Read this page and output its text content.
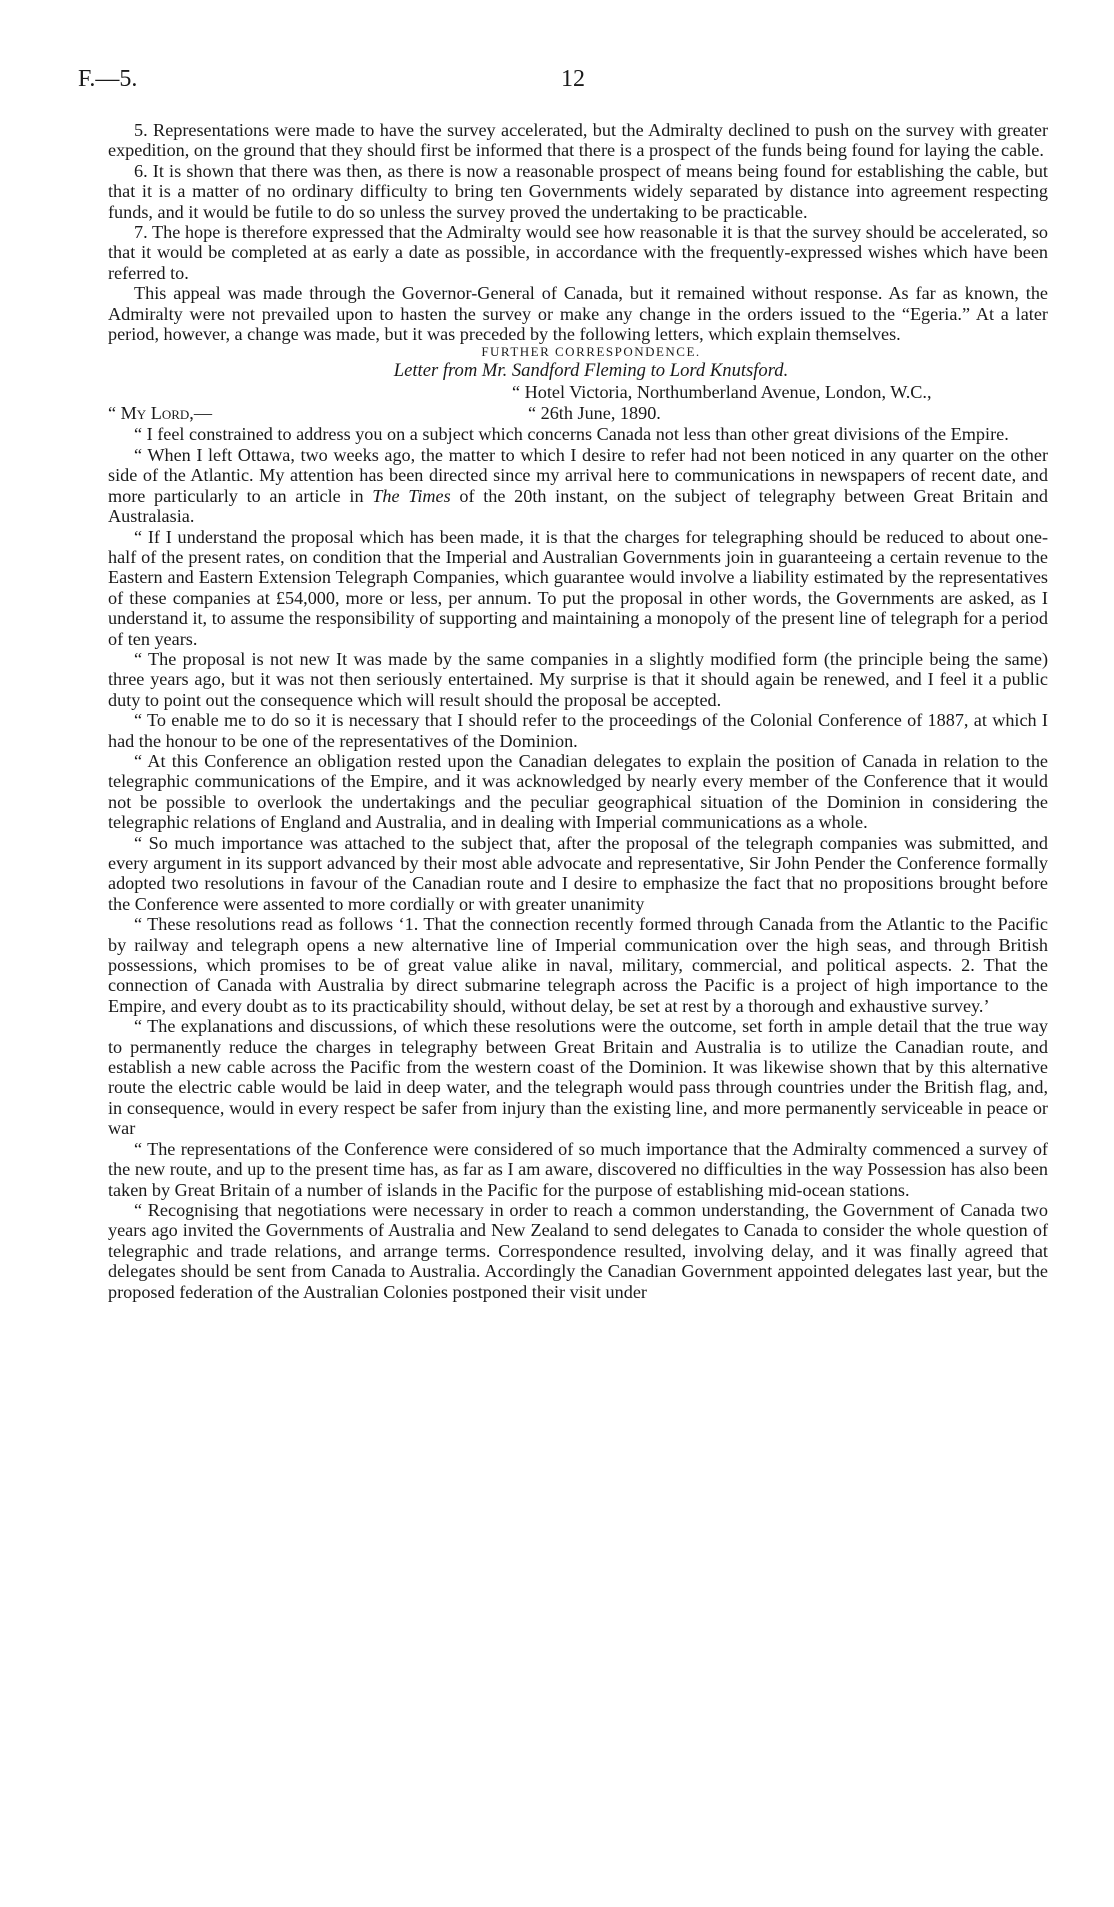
F.—5.	12

5. Representations were made to have the survey accelerated, but the Admiralty declined to push on the survey with greater expedition, on the ground that they should first be informed that there is a prospect of the funds being found for laying the cable.

6. It is shown that there was then, as there is now a reasonable prospect of means being found for establishing the cable, but that it is a matter of no ordinary difficulty to bring ten Governments widely separated by distance into agreement respecting funds, and it would be futile to do so unless the survey proved the undertaking to be practicable.

7. The hope is therefore expressed that the Admiralty would see how reasonable it is that the survey should be accelerated, so that it would be completed at as early a date as possible, in accordance with the frequently-expressed wishes which have been referred to.

This appeal was made through the Governor-General of Canada, but it remained without response. As far as known, the Admiralty were not prevailed upon to hasten the survey or make any change in the orders issued to the “Egeria.” At a later period, however, a change was made, but it was preceded by the following letters, which explain themselves.

FURTHER CORRESPONDENCE.

Letter from Mr. Sandford Fleming to Lord Knutsford.

“ Hotel Victoria, Northumberland Avenue, London, W.C.,

“ My Lord,—	“ 26th June, 1890.

“ I feel constrained to address you on a subject which concerns Canada not less than other great divisions of the Empire.

“ When I left Ottawa, two weeks ago, the matter to which I desire to refer had not been noticed in any quarter on the other side of the Atlantic. My attention has been directed since my arrival here to communications in newspapers of recent date, and more particularly to an article in The Times of the 20th instant, on the subject of telegraphy between Great Britain and Australasia.

“ If I understand the proposal which has been made, it is that the charges for telegraphing should be reduced to about one-half of the present rates, on condition that the Imperial and Australian Governments join in guaranteeing a certain revenue to the Eastern and Eastern Extension Telegraph Companies, which guarantee would involve a liability estimated by the representatives of these companies at £54,000, more or less, per annum. To put the proposal in other words, the Governments are asked, as I understand it, to assume the responsibility of supporting and maintaining a monopoly of the present line of telegraph for a period of ten years.

“ The proposal is not new It was made by the same companies in a slightly modified form (the principle being the same) three years ago, but it was not then seriously entertained. My surprise is that it should again be renewed, and I feel it a public duty to point out the consequence which will result should the proposal be accepted.

“ To enable me to do so it is necessary that I should refer to the proceedings of the Colonial Conference of 1887, at which I had the honour to be one of the representatives of the Dominion.

“ At this Conference an obligation rested upon the Canadian delegates to explain the position of Canada in relation to the telegraphic communications of the Empire, and it was acknowledged by nearly every member of the Conference that it would not be possible to overlook the undertakings and the peculiar geographical situation of the Dominion in considering the telegraphic relations of England and Australia, and in dealing with Imperial communications as a whole.

“ So much importance was attached to the subject that, after the proposal of the telegraph companies was submitted, and every argument in its support advanced by their most able advocate and representative, Sir John Pender the Conference formally adopted two resolutions in favour of the Canadian route and I desire to emphasize the fact that no propositions brought before the Conference were assented to more cordially or with greater unanimity

“ These resolutions read as follows ‘1. That the connection recently formed through Canada from the Atlantic to the Pacific by railway and telegraph opens a new alternative line of Imperial communication over the high seas, and through British possessions, which promises to be of great value alike in naval, military, commercial, and political aspects. 2. That the connection of Canada with Australia by direct submarine telegraph across the Pacific is a project of high importance to the Empire, and every doubt as to its practicability should, without delay, be set at rest by a thorough and exhaustive survey.’

“ The explanations and discussions, of which these resolutions were the outcome, set forth in ample detail that the true way to permanently reduce the charges in telegraphy between Great Britain and Australia is to utilize the Canadian route, and establish a new cable across the Pacific from the western coast of the Dominion. It was likewise shown that by this alternative route the electric cable would be laid in deep water, and the telegraph would pass through countries under the British flag, and, in consequence, would in every respect be safer from injury than the existing line, and more permanently serviceable in peace or war

“ The representations of the Conference were considered of so much importance that the Admiralty commenced a survey of the new route, and up to the present time has, as far as I am aware, discovered no difficulties in the way Possession has also been taken by Great Britain of a number of islands in the Pacific for the purpose of establishing mid-ocean stations.

“ Recognising that negotiations were necessary in order to reach a common understanding, the Government of Canada two years ago invited the Governments of Australia and New Zealand to send delegates to Canada to consider the whole question of telegraphic and trade relations, and arrange terms. Correspondence resulted, involving delay, and it was finally agreed that delegates should be sent from Canada to Australia. Accordingly the Canadian Government appointed delegates last year, but the proposed federation of the Australian Colonies postponed their visit under
